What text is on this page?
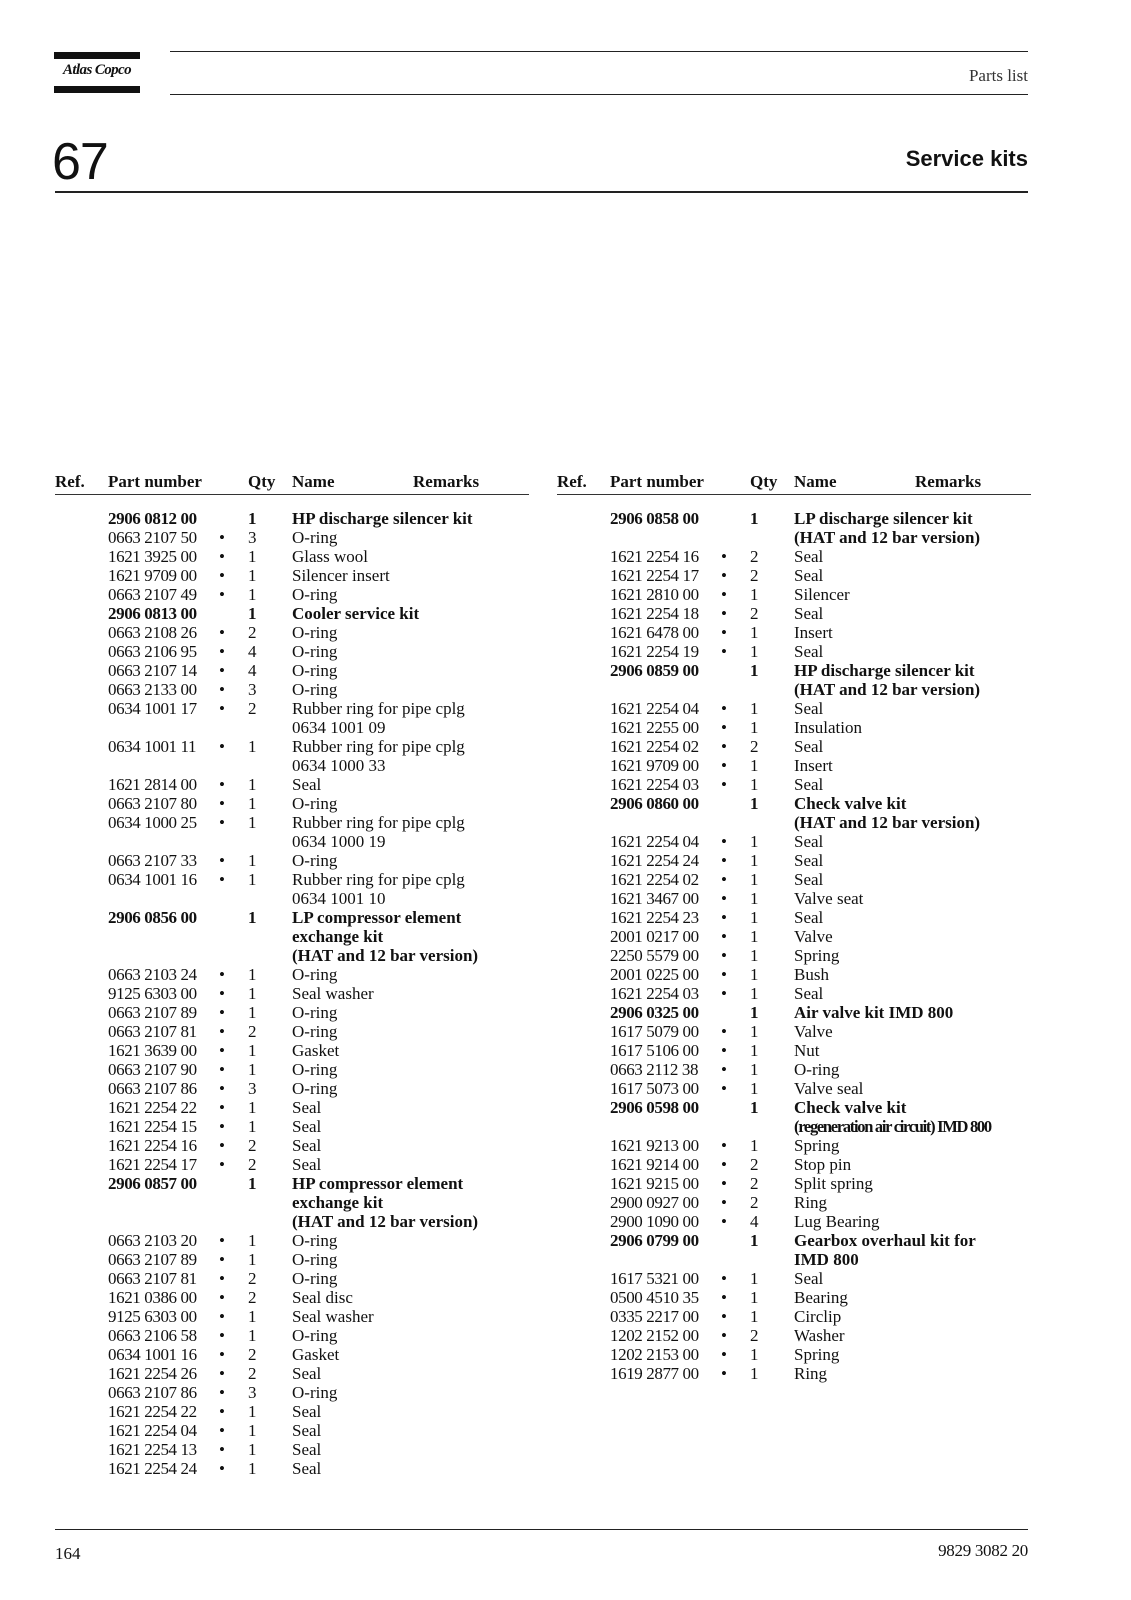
Atlas Copco	Parts list
67	Service kits
Ref. Part number	Qty Name	Remarks
2906 0812 00	1 HP discharge silencer kit
0663 2107 50 • 3 O-ring
1621 3925 00 • 1 Glass wool
1621 9709 00 • 1 Silencer insert
0663 2107 49 • 1 O-ring
2906 0813 00	1 Cooler service kit
0663 2108 26 • 2 O-ring
0663 2106 95 • 4 O-ring
0663 2107 14 • 4 O-ring
0663 2133 00 • 3 O-ring
0634 1001 17 • 2 Rubber ring for pipe cplg
0634 1001 09
0634 1001 11 • 1 Rubber ring for pipe cplg
0634 1000 33
1621 2814 00 • 1 Seal
0663 2107 80 • 1 O-ring
0634 1000 25 • 1 Rubber ring for pipe cplg
0634 1000 19
0663 2107 33 • 1 O-ring
0634 1001 16 • 1 Rubber ring for pipe cplg
0634 1001 10
2906 0856 00	1 LP compressor element
exchange kit
(HAT and 12 bar version)
0663 2103 24 • 1 O-ring
9125 6303 00 • 1 Seal washer
0663 2107 89 • 1 O-ring
0663 2107 81 • 2 O-ring
1621 3639 00 • 1 Gasket
0663 2107 90 • 1 O-ring
0663 2107 86 • 3 O-ring
1621 2254 22 • 1 Seal
1621 2254 15 • 1 Seal
1621 2254 16 • 2 Seal
1621 2254 17 • 2 Seal
2906 0857 00	1 HP compressor element
exchange kit
(HAT and 12 bar version)
0663 2103 20 • 1 O-ring
0663 2107 89 • 1 O-ring
0663 2107 81 • 2 O-ring
1621 0386 00 • 2 Seal disc
9125 6303 00 • 1 Seal washer
0663 2106 58 • 1 O-ring
0634 1001 16 • 2 Gasket
1621 2254 26 • 2 Seal
0663 2107 86 • 3 O-ring
1621 2254 22 • 1 Seal
1621 2254 04 • 1 Seal
1621 2254 13 • 1 Seal
1621 2254 24 • 1 Seal
Ref. Part number	Qty Name	Remarks
2906 0858 00	1 LP discharge silencer kit
(HAT and 12 bar version)
1621 2254 16 • 2 Seal
1621 2254 17 • 2 Seal
1621 2810 00 • 1 Silencer
1621 2254 18 • 2 Seal
1621 6478 00 • 1 Insert
1621 2254 19 • 1 Seal
2906 0859 00	1 HP discharge silencer kit
(HAT and 12 bar version)
1621 2254 04 • 1 Seal
1621 2255 00 • 1 Insulation
1621 2254 02 • 2 Seal
1621 9709 00 • 1 Insert
1621 2254 03 • 1 Seal
2906 0860 00	1 Check valve kit
(HAT and 12 bar version)
1621 2254 04 • 1 Seal
1621 2254 24 • 1 Seal
1621 2254 02 • 1 Seal
1621 3467 00 • 1 Valve seat
1621 2254 23 • 1 Seal
2001 0217 00 • 1 Valve
2250 5579 00 • 1 Spring
2001 0225 00 • 1 Bush
1621 2254 03 • 1 Seal
2906 0325 00	1 Air valve kit IMD 800
1617 5079 00 • 1 Valve
1617 5106 00 • 1 Nut
0663 2112 38 • 1 O-ring
1617 5073 00 • 1 Valve seal
2906 0598 00	1 Check valve kit
(regeneration air circuit) IMD 800
1621 9213 00 • 1 Spring
1621 9214 00 • 2 Stop pin
1621 9215 00 • 2 Split spring
2900 0927 00 • 2 Ring
2900 1090 00 • 4 Lug Bearing
2906 0799 00	1 Gearbox overhaul kit for
IMD 800
1617 5321 00 • 1 Seal
0500 4510 35 • 1 Bearing
0335 2217 00 • 1 Circlip
1202 2152 00 • 2 Washer
1202 2153 00 • 1 Spring
1619 2877 00 • 1 Ring
164	9829 3082 20
